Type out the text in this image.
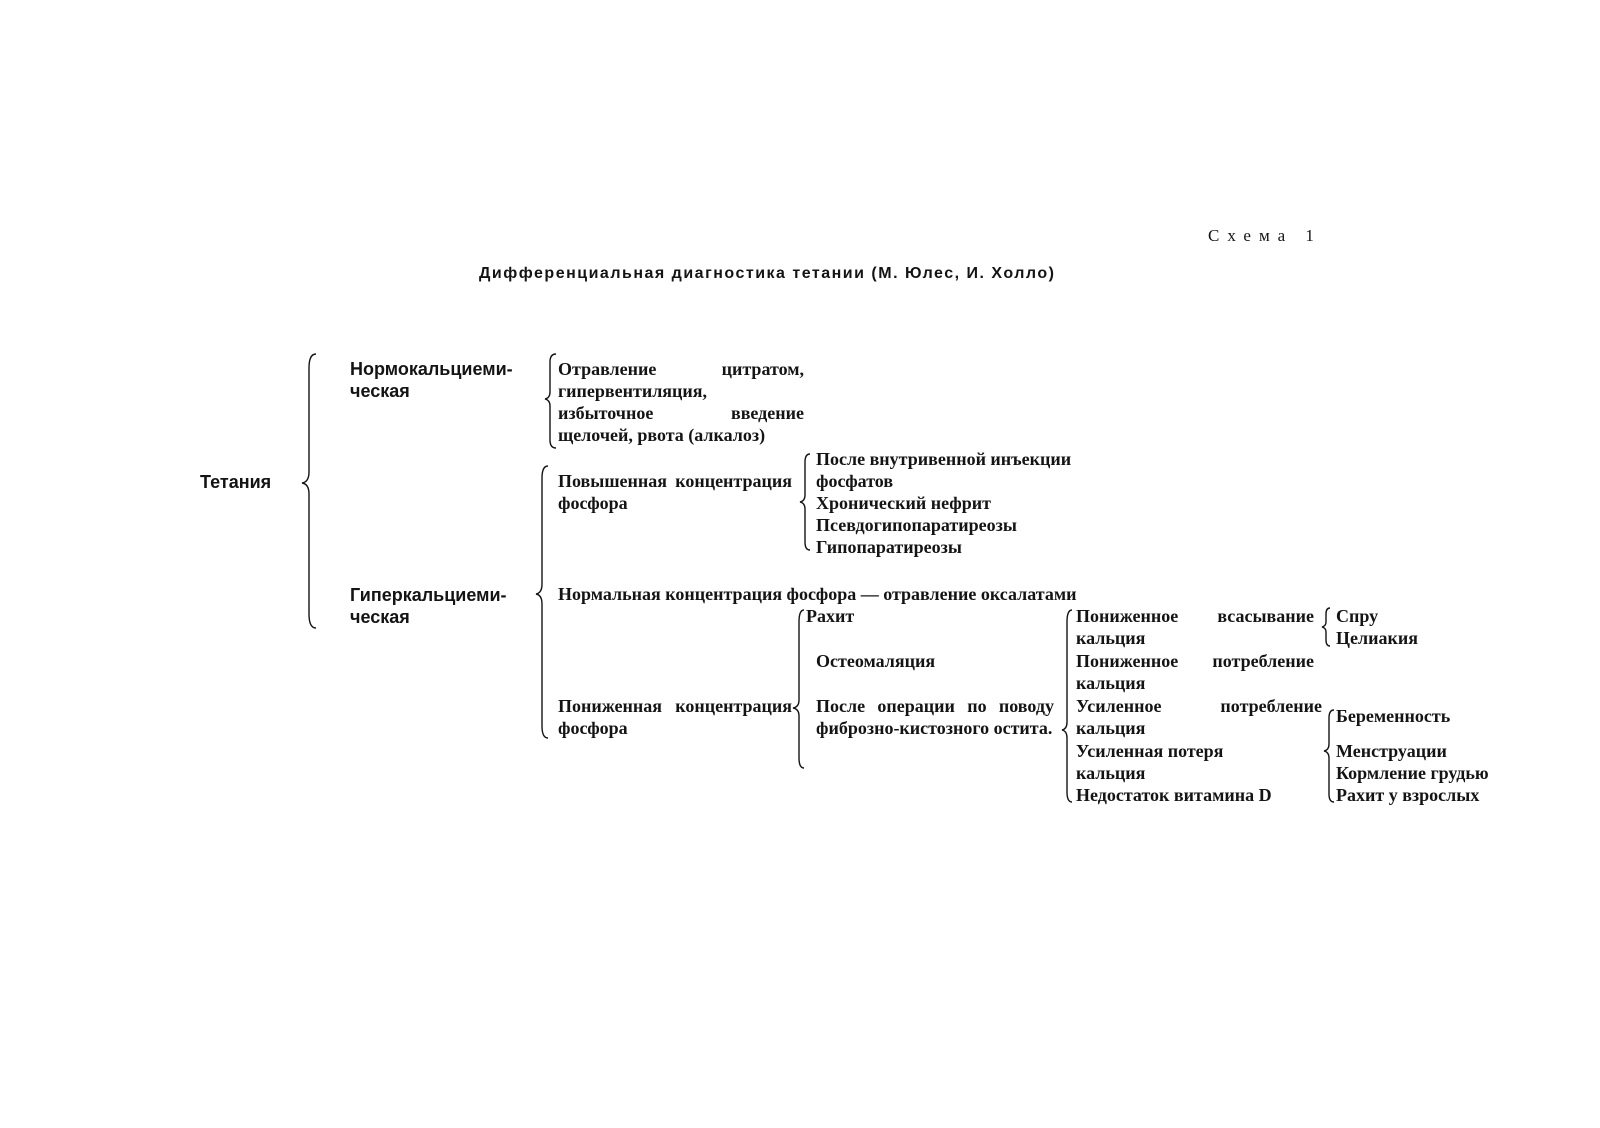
Схема 1
Дифференциальная диагностика тетании (М. Юлес, И. Холло)
Тетания
Нормокальциеми-
ческая
Отравление цитратом, гипервентиляция, избыточное введение щелочей, рвота (алкалоз)
Гиперкальциеми-
ческая
Повышенная концентрация фосфора
После внутривенной инъекции
фосфатов
Хронический нефрит
Псевдогипопаратиреозы
Гипопаратиреозы
Нормальная концентрация фосфора — отравление оксалатами
Пониженная концентрация фосфора
Рахит
Остеомаляция
После операции по поводу фиброзно-кистозного остита.
Пониженное всасывание кальция
Пониженное потребление кальция
Усиленное потребление кальция
Усиленная потеря
кальция
Недостаток витамина D
Спру
Целиакия
Беременность
Менструации
Кормление грудью
Рахит у взрослых
